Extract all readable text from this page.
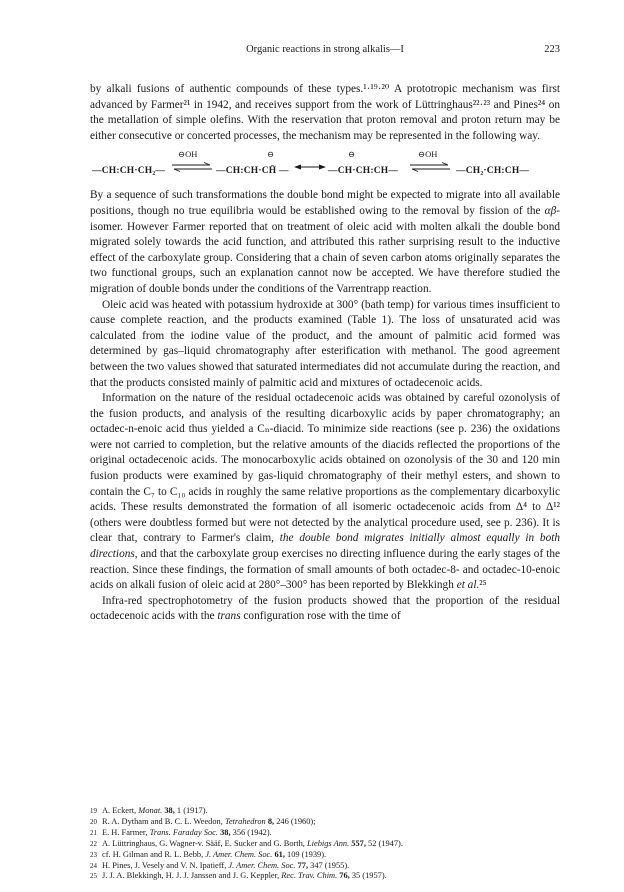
Organic reactions in strong alkalis—I	223

by alkali fusions of authentic compounds of these types.¹·¹⁹·²⁰ A prototropic mechanism was first advanced by Farmer²¹ in 1942, and receives support from the work of Lüttringhaus²²·²³ and Pines²⁴ on the metallation of simple olefins. With the reservation that proton removal and proton return may be either consecutive or concerted processes, the mechanism may be represented in the following way.

—CH:CH·CH₂—
⊖OH
—CH:CH·CH̄ —
⊖
—CH·CH:CH—
⊖	⊖OH
—CH₂·CH:CH—

By a sequence of such transformations the double bond might be expected to migrate into all available positions, though no true equilibria would be established owing to the removal by fission of the αβ-isomer. However Farmer reported that on treatment of oleic acid with molten alkali the double bond migrated solely towards the acid function, and attributed this rather surprising result to the inductive effect of the carboxylate group. Considering that a chain of seven carbon atoms originally separates the two functional groups, such an explanation cannot now be accepted. We have therefore studied the migration of double bonds under the conditions of the Varrentrapp reaction.

Oleic acid was heated with potassium hydroxide at 300° (bath temp) for various times insufficient to cause complete reaction, and the products examined (Table 1). The loss of unsaturated acid was calculated from the iodine value of the product, and the amount of palmitic acid formed was determined by gas–liquid chromatography after esterification with methanol. The good agreement between the two values showed that saturated intermediates did not accumulate during the reaction, and that the products consisted mainly of palmitic acid and mixtures of octadecenoic acids.

Information on the nature of the residual octadecenoic acids was obtained by careful ozonolysis of the fusion products, and analysis of the resulting dicarboxylic acids by paper chromatography; an octadec-n-enoic acid thus yielded a Cₙ-diacid. To minimize side reactions (see p. 236) the oxidations were not carried to completion, but the relative amounts of the diacids reflected the proportions of the original octadecenoic acids. The monocarboxylic acids obtained on ozonolysis of the 30 and 120 min fusion products were examined by gas-liquid chromatography of their methyl esters, and shown to contain the C₇ to C₁₀ acids in roughly the same relative proportions as the complementary dicarboxylic acids. These results demonstrated the formation of all isomeric octadecenoic acids from Δ⁴ to Δ¹² (others were doubtless formed but were not detected by the analytical procedure used, see p. 236). It is clear that, contrary to Farmer's claim, the double bond migrates initially almost equally in both directions, and that the carboxylate group exercises no directing influence during the early stages of the reaction. Since these findings, the formation of small amounts of both octadec-8- and octadec-10-enoic acids on alkali fusion of oleic acid at 280°–300° has been reported by Blekkingh et al.²⁵

Infra-red spectrophotometry of the fusion products showed that the proportion of the residual octadecenoic acids with the trans configuration rose with the time of

19 A. Eckert, Monat. 38, 1 (1917).
20 R. A. Dytham and B. C. L. Weedon, Tetrahedron 8, 246 (1960);
21 E. H. Farmer, Trans. Faraday Soc. 38, 356 (1942).
22 A. Lüttringhaus, G. Wagner-v. Sääf, E. Sucker and G. Borth, Liebigs Ann. 557, 52 (1947).
23 cf. H. Gilman and R. L. Bebb, J. Amer. Chem. Soc. 61, 109 (1939).
24 H. Pines, J. Vesely and V. N. Ipatieff, J. Amer. Chem. Soc. 77, 347 (1955).
25 J. J. A. Blekkingh, H. J. J. Janssen and J. G. Keppler, Rec. Trav. Chim. 76, 35 (1957).
